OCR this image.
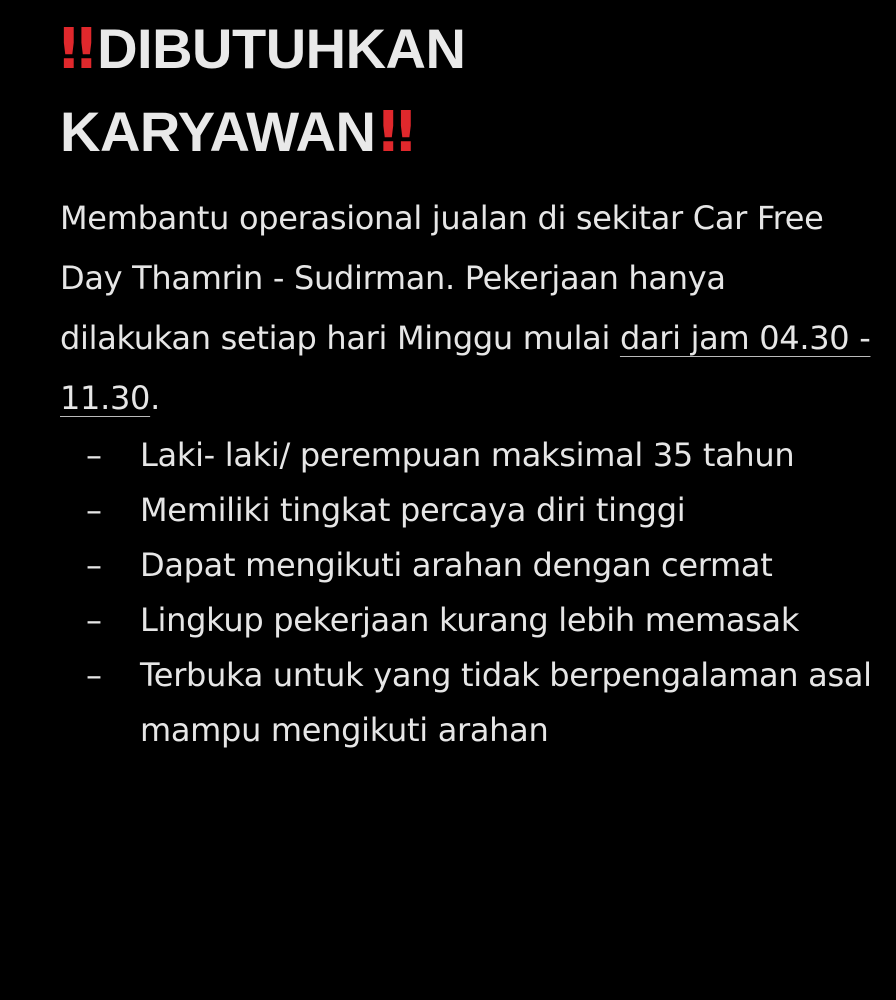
‼ DIBUTUHKAN
KARYAWAN‼

Membantu operasional jualan di sekitar Car Free Day Thamrin - Sudirman. Pekerjaan hanya dilakukan setiap hari Minggu mulai dari jam 04.30 - 11.30.

– Laki- laki/ perempuan maksimal 35 tahun
– Memiliki tingkat percaya diri tinggi
– Dapat mengikuti arahan dengan cermat
– Lingkup pekerjaan kurang lebih memasak
– Terbuka untuk yang tidak berpengalaman asal mampu mengikuti arahan
